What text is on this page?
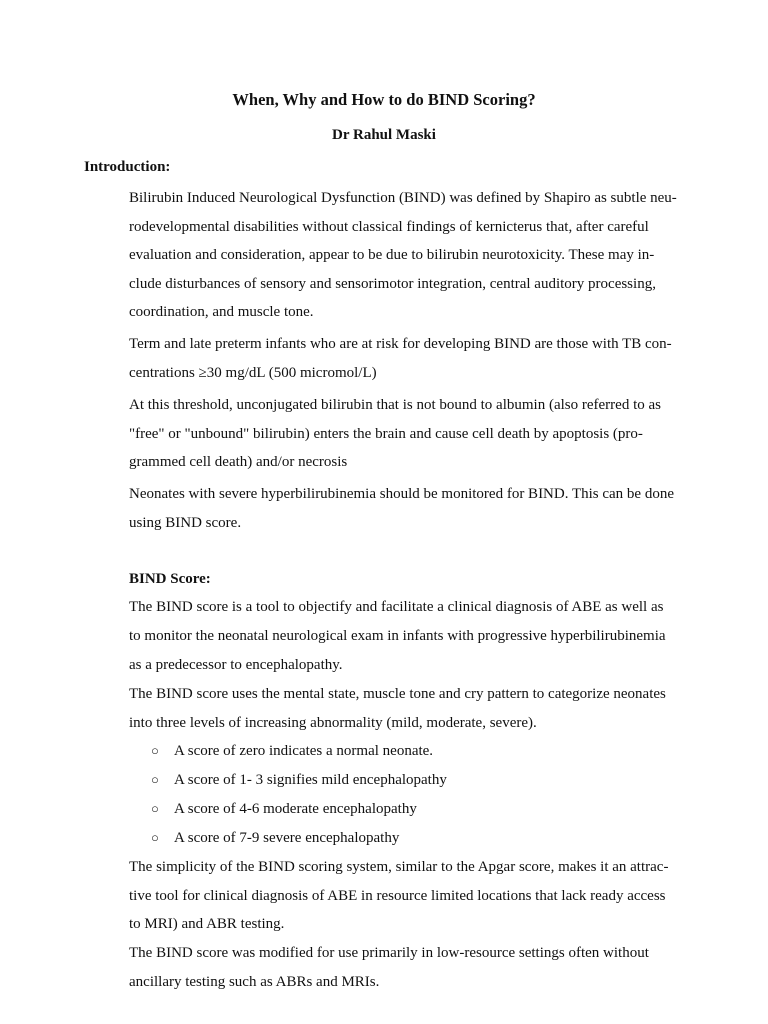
When, Why and How to do BIND Scoring?
Dr Rahul Maski
Introduction:
Bilirubin Induced Neurological Dysfunction (BIND) was defined by Shapiro as subtle neu-
rodevelopmental disabilities without classical findings of kernicterus that, after careful
evaluation and consideration, appear to be due to bilirubin neurotoxicity. These may in-
clude disturbances of sensory and sensorimotor integration, central auditory processing,
coordination, and muscle tone.
Term and late preterm infants who are at risk for developing BIND are those with TB con-
centrations ≥30 mg/dL (500 micromol/L)
At this threshold, unconjugated bilirubin that is not bound to albumin (also referred to as
"free" or "unbound" bilirubin) enters the brain and cause cell death by apoptosis (pro-
grammed cell death) and/or necrosis
Neonates with severe hyperbilirubinemia should be monitored for BIND. This can be done
using BIND score.
BIND Score:
The BIND score is a tool to objectify and facilitate a clinical diagnosis of ABE as well as
to monitor the neonatal neurological exam in infants with progressive hyperbilirubinemia
as a predecessor to encephalopathy.
The BIND score uses the mental state, muscle tone and cry pattern to categorize neonates
into three levels of increasing abnormality (mild, moderate, severe).
○ A score of zero indicates a normal neonate.
○ A score of 1- 3 signifies mild encephalopathy
○ A score of 4-6 moderate encephalopathy
○ A score of 7-9 severe encephalopathy
The simplicity of the BIND scoring system, similar to the Apgar score, makes it an attrac-
tive tool for clinical diagnosis of ABE in resource limited locations that lack ready access
to MRI) and ABR testing.
The BIND score was modified for use primarily in low-resource settings often without
ancillary testing such as ABRs and MRIs.
